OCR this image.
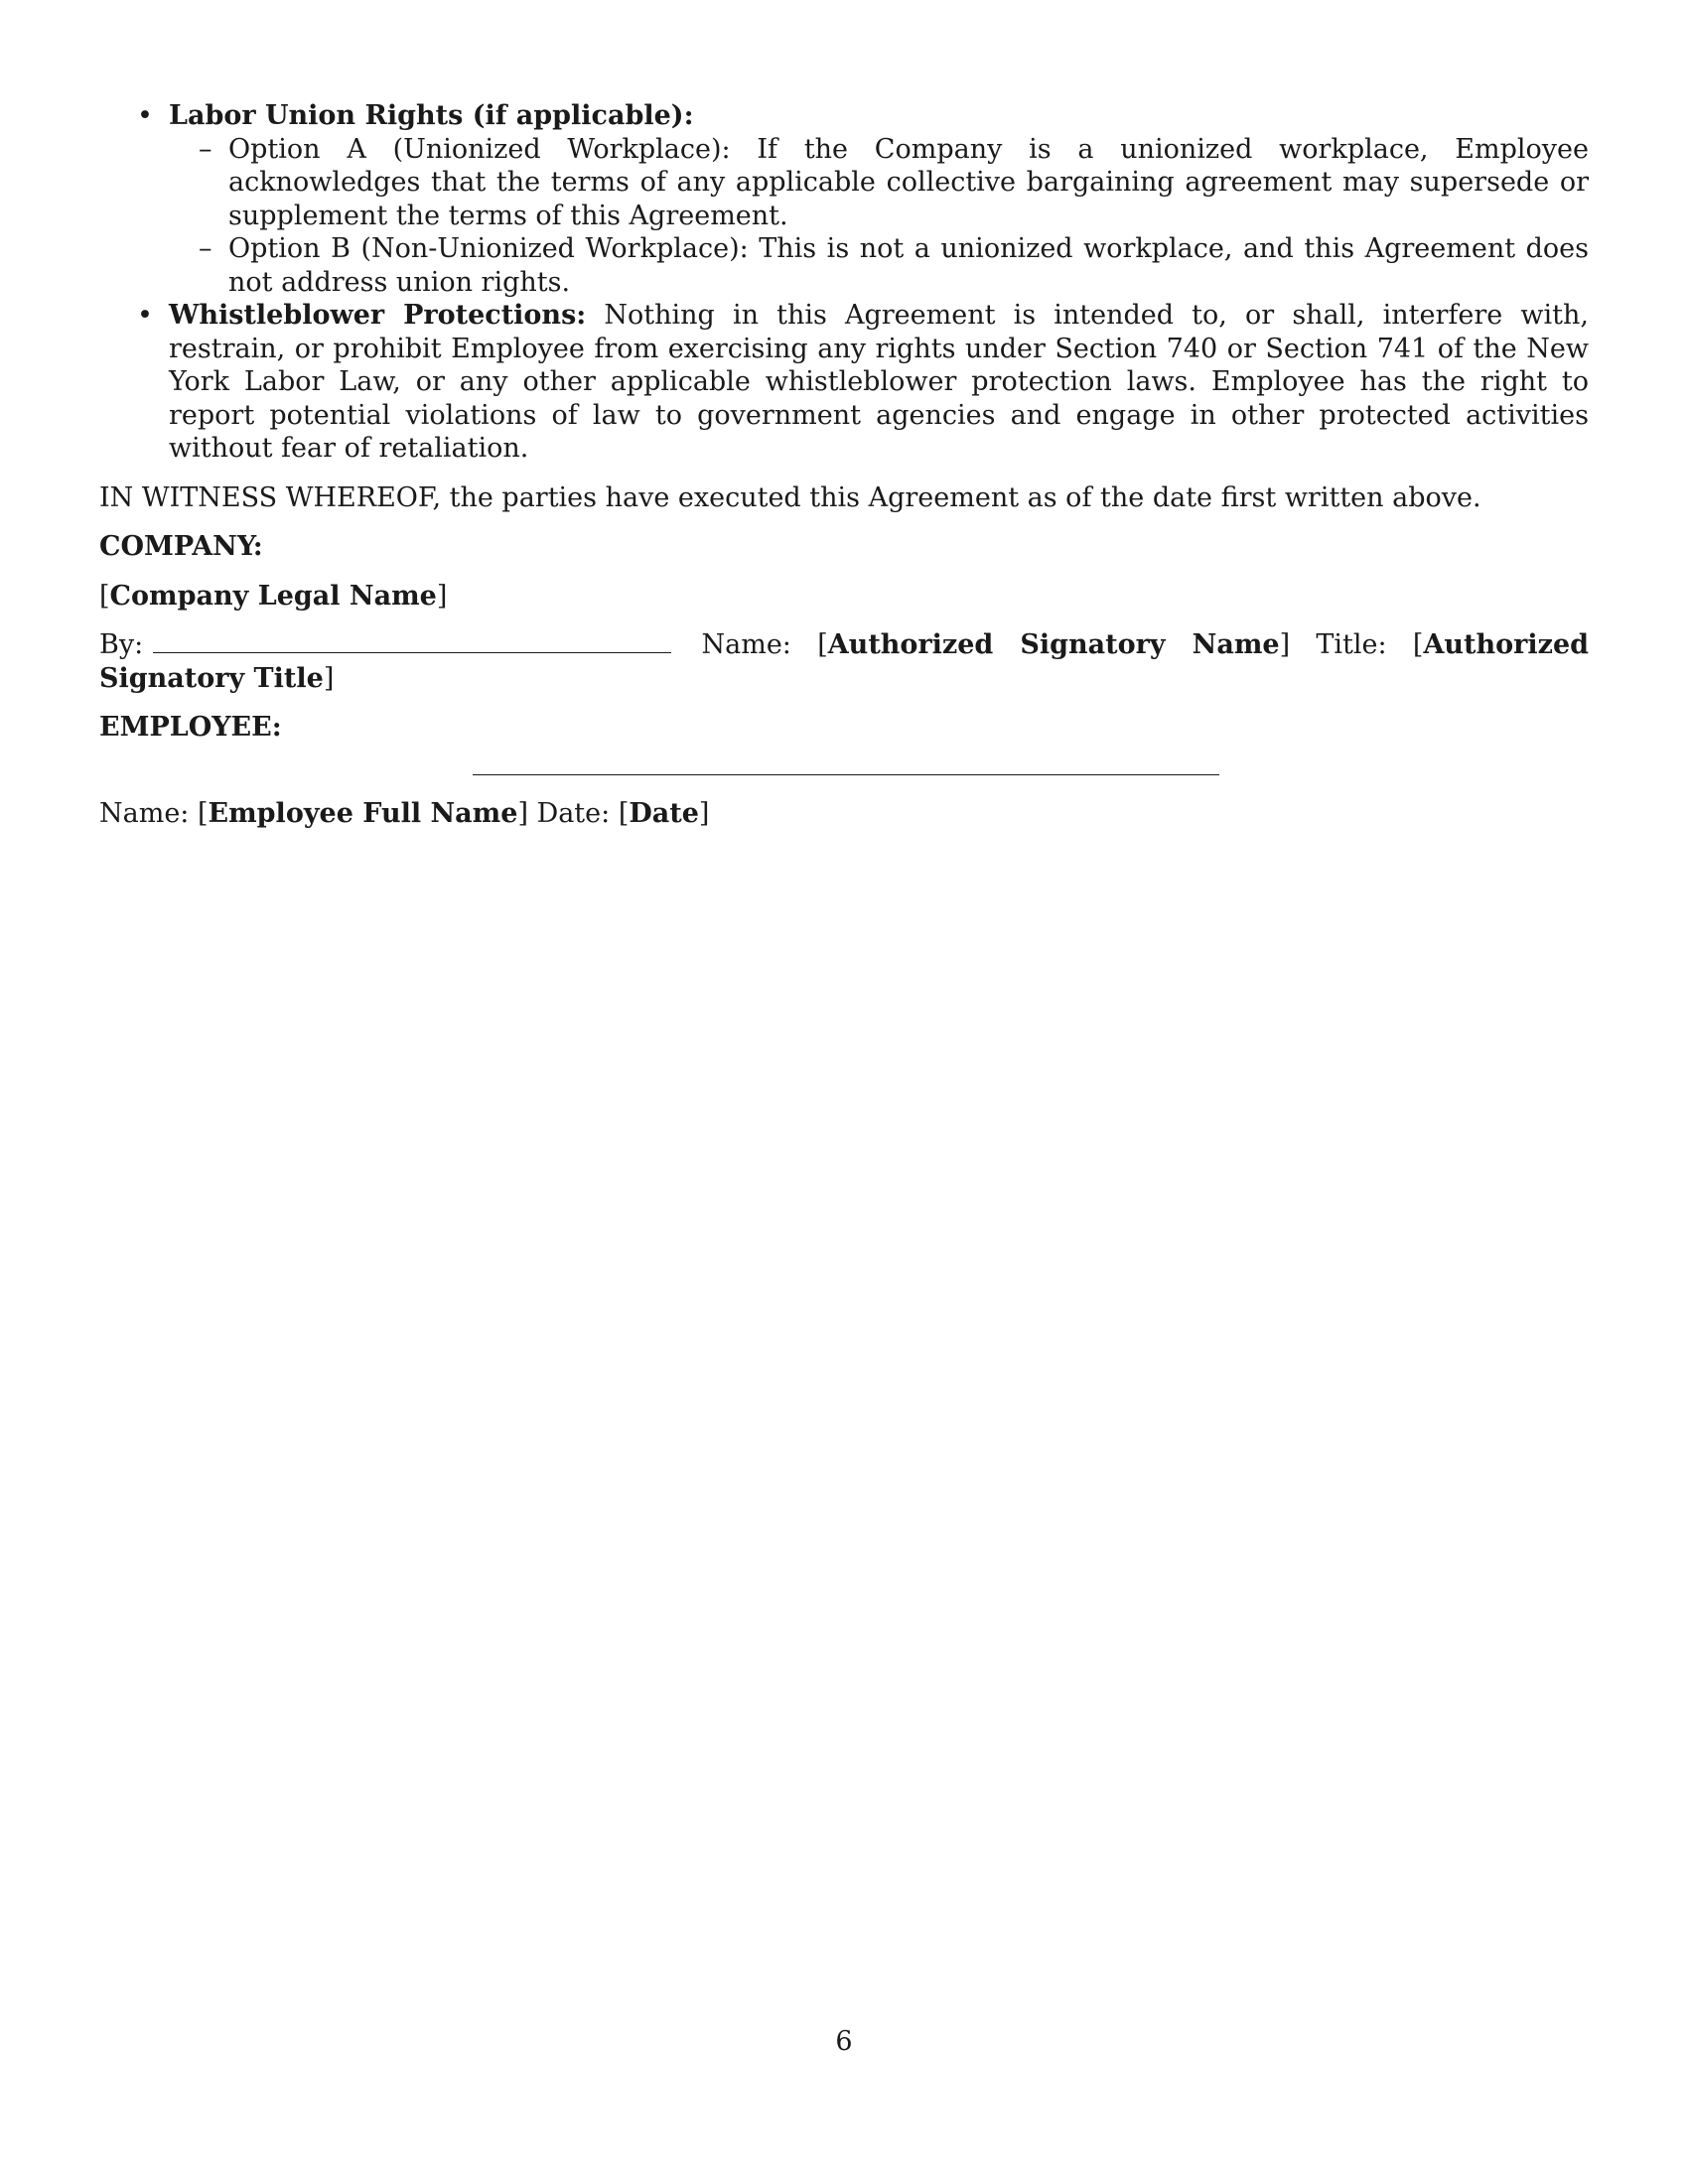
• Labor Union Rights (if applicable):
– Option A (Unionized Workplace): If the Company is a unionized workplace, Employee acknowledges that the terms of any applicable collective bargaining agreement may supersede or supplement the terms of this Agreement.
– Option B (Non-Unionized Workplace): This is not a unionized workplace, and this Agreement does not address union rights.
• Whistleblower Protections: Nothing in this Agreement is intended to, or shall, interfere with, restrain, or prohibit Employee from exercising any rights under Section 740 or Section 741 of the New York Labor Law, or any other applicable whistleblower protection laws. Employee has the right to report potential violations of law to government agencies and engage in other protected activities without fear of retaliation.

IN WITNESS WHEREOF, the parties have executed this Agreement as of the date first written above.

COMPANY:

[Company Legal Name]

By:	Name: [Authorized Signatory Name] Title: [Authorized Signatory Title]

EMPLOYEE:

Name: [Employee Full Name] Date: [Date]

6
